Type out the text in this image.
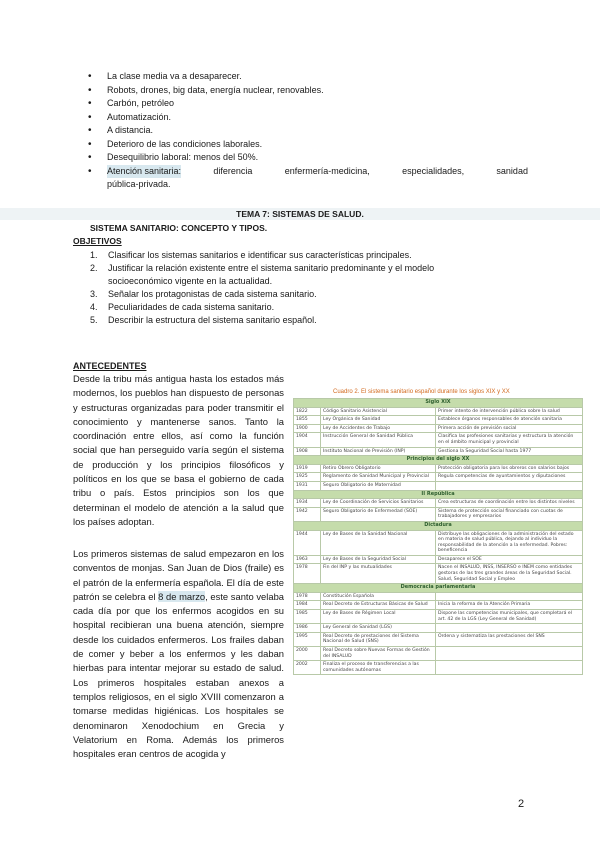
• La clase media va a desaparecer.
• Robots, drones, big data, energía nuclear, renovables.
• Carbón, petróleo
• Automatización.
• A distancia.
• Deterioro de las condiciones laborales.
• Desequilibrio laboral: menos del 50%.
• Atención sanitaria:	diferencia	enfermería-medicina,	especialidades,	sanidad
pública-privada.
TEMA 7: SISTEMAS DE SALUD.
SISTEMA SANITARIO: CONCEPTO Y TIPOS.
OBJETIVOS
1. Clasificar los sistemas sanitarios e identificar sus características principales.
2. Justificar la relación existente entre el sistema sanitario predominante y el modelo socioeconómico vigente en la actualidad.
3. Señalar los protagonistas de cada sistema sanitario.
4. Peculiaridades de cada sistema sanitario.
5. Describir la estructura del sistema sanitario español.
ANTECEDENTES

Desde la tribu más antigua hasta los estados más modernos, los pueblos han dispuesto de personas y estructuras organizadas para poder transmitir el conocimiento y mantenerse sanos. Tanto la coordinación entre ellos, así como la función social que han perseguido varía según el sistema de producción y los principios filosóficos y políticos en los que se basa el gobierno de cada tribu o país. Estos principios son los que determinan el modelo de atención a la salud que los países adoptan.

Los primeros sistemas de salud empezaron en los conventos de monjas. San Juan de Dios (fraile) es el patrón de la enfermería española. El día de este patrón se celebra el 8 de marzo, este santo velaba cada día por que los enfermos acogidos en su hospital recibieran una buena atención, siempre desde los cuidados enfermeros. Los frailes daban de comer y beber a los enfermos y les daban hierbas para intentar mejorar su estado de salud. Los primeros hospitales estaban anexos a templos religiosos, en el siglo XVIII comenzaron a tomarse medidas higiénicas. Los hospitales se denominaron Xenodochium en Grecia y Velatorium en Roma. Además los primeros hospitales eran centros de acogida y

Cuadro 2. El sistema sanitario español durante los siglos XIX y XX
Siglo XIX		
1822	Código Sanitario Asistencial	Primer intento de intervención pública sobre la salud
1855	Ley Orgánica de Sanidad	Establece órganos responsables de atención sanitaria
1900	Ley de Accidentes de Trabajo	Primera acción de previsión social
1904	Instrucción General de Sanidad Pública	Clasifica las profesiones sanitarias y estructura la atención en el ámbito municipal y provincial
1908	Instituto Nacional de Previsión (INP)	Gestiona la Seguridad Social hasta 1977
Principios del siglo XX		
1919	Retiro Obrero Obligatorio	Protección obligatoria para los obreros con salarios bajos
1925	Reglamento de Sanidad Municipal y Provincial	Regula competencias de ayuntamientos y diputaciones
1931	Seguro Obligatorio de Maternidad	
II República		
1934	Ley de Coordinación de Servicios Sanitarios	Crea estructuras de coordinación entre los distintos niveles
1942	Seguro Obligatorio de Enfermedad (SOE)	Sistema de protección social financiado con cuotas de trabajadores y empresarios
Dictadura		
1944	Ley de Bases de la Sanidad Nacional	Distribuye las obligaciones de la administración del estado en materia de salud pública, dejando al individuo la responsabilidad de la atención a la enfermedad. Pobres: beneficencia
1963	Ley de Bases de la Seguridad Social	Desaparece el SOE
1978	Fin del INP y las mutualidades	Nacen el INSALUD, INSS, INSERSO e INEM como entidades gestoras de las tres grandes áreas de la Seguridad Social. Salud, Seguridad Social y Empleo
Democracia parlamentaria		
1978	Constitución Española	
1984	Real Decreto de Estructuras Básicas de Salud	Inicia la reforma de la Atención Primaria
1985	Ley de Bases de Régimen Local	Dispone las competencias municipales, que completará el art. 42 de la LGS (Ley General de Sanidad)
1986	Ley General de Sanidad (LGS)	
1995	Real Decreto de prestaciones del Sistema Nacional de Salud (SNS)	Ordena y sistematiza las prestaciones del SNS
2000	Real Decreto sobre Nuevas Formas de Gestión del INSALUD	
2002	Finaliza el proceso de transferencias a las comunidades autónomas	
2
